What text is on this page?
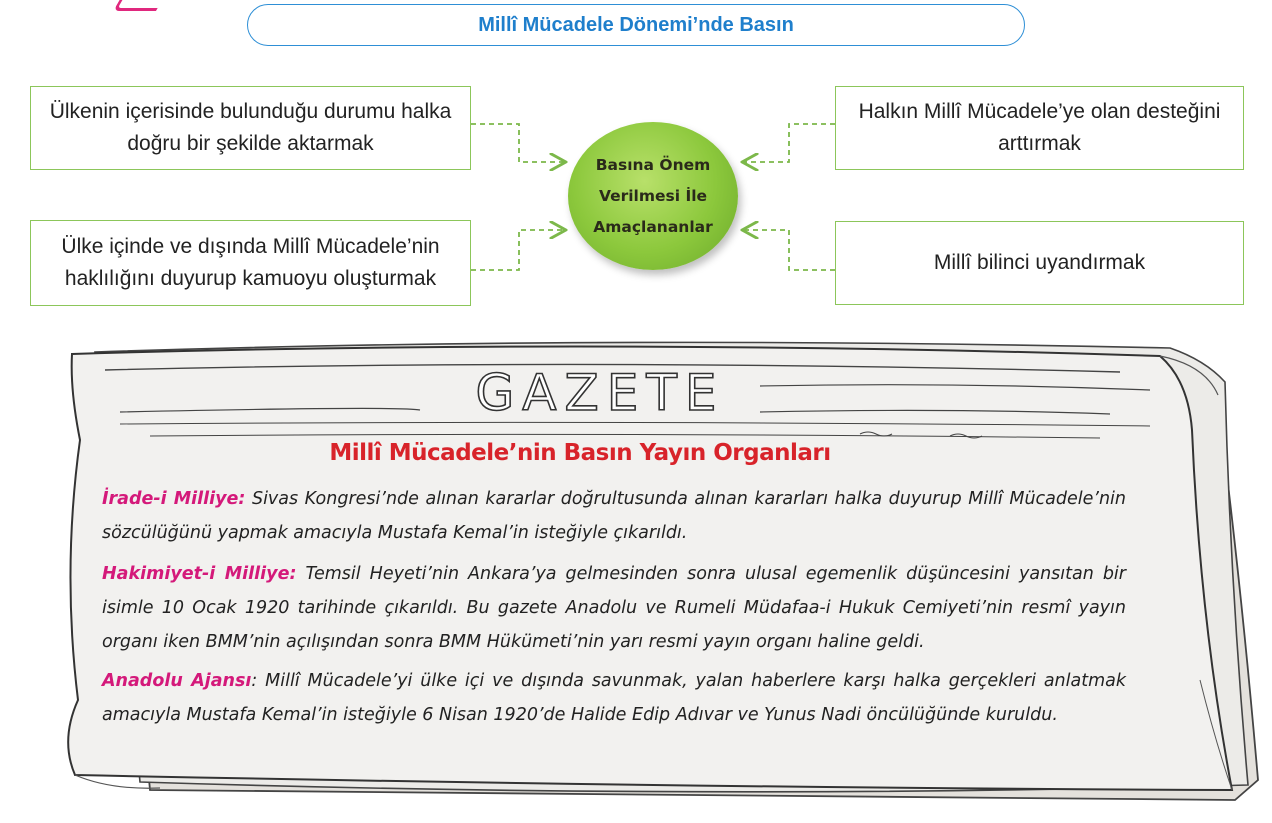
Millî Mücadele Dönemi’nde Basın
Ülkenin içerisinde bulunduğu durumu halka doğru bir şekilde aktarmak
Ülke içinde ve dışında Millî Mücadele’nin haklılığını duyurup kamuoyu oluşturmak
Halkın Millî Mücadele’ye olan desteğini arttırmak
Millî bilinci uyandırmak
Basına Önem Verilmesi İle Amaçlananlar
GAZETE
Millî Mücadele’nin Basın Yayın Organları
İrade-i Milliye: Sivas Kongresi’nde alınan kararlar doğrultusunda alınan kararları halka duyurup Millî Mücadele’nin sözcülüğünü yapmak amacıyla Mustafa Kemal’in isteğiyle çıkarıldı.
Hakimiyet-i Milliye: Temsil Heyeti’nin Ankara’ya gelmesinden sonra ulusal egemenlik düşüncesini yansıtan bir isimle 10 Ocak 1920 tarihinde çıkarıldı. Bu gazete Anadolu ve Rumeli Müdafaa-i Hukuk Cemiyeti’nin resmî yayın organı iken BMM’nin açılışından sonra BMM Hükümeti’nin yarı resmi yayın organı haline geldi.
Anadolu Ajansı: Millî Mücadele’yi ülke içi ve dışında savunmak, yalan haberlere karşı halka gerçekleri anlatmak amacıyla Mustafa Kemal’in isteğiyle 6 Nisan 1920’de Halide Edip Adıvar ve Yunus Nadi öncülüğünde kuruldu.
